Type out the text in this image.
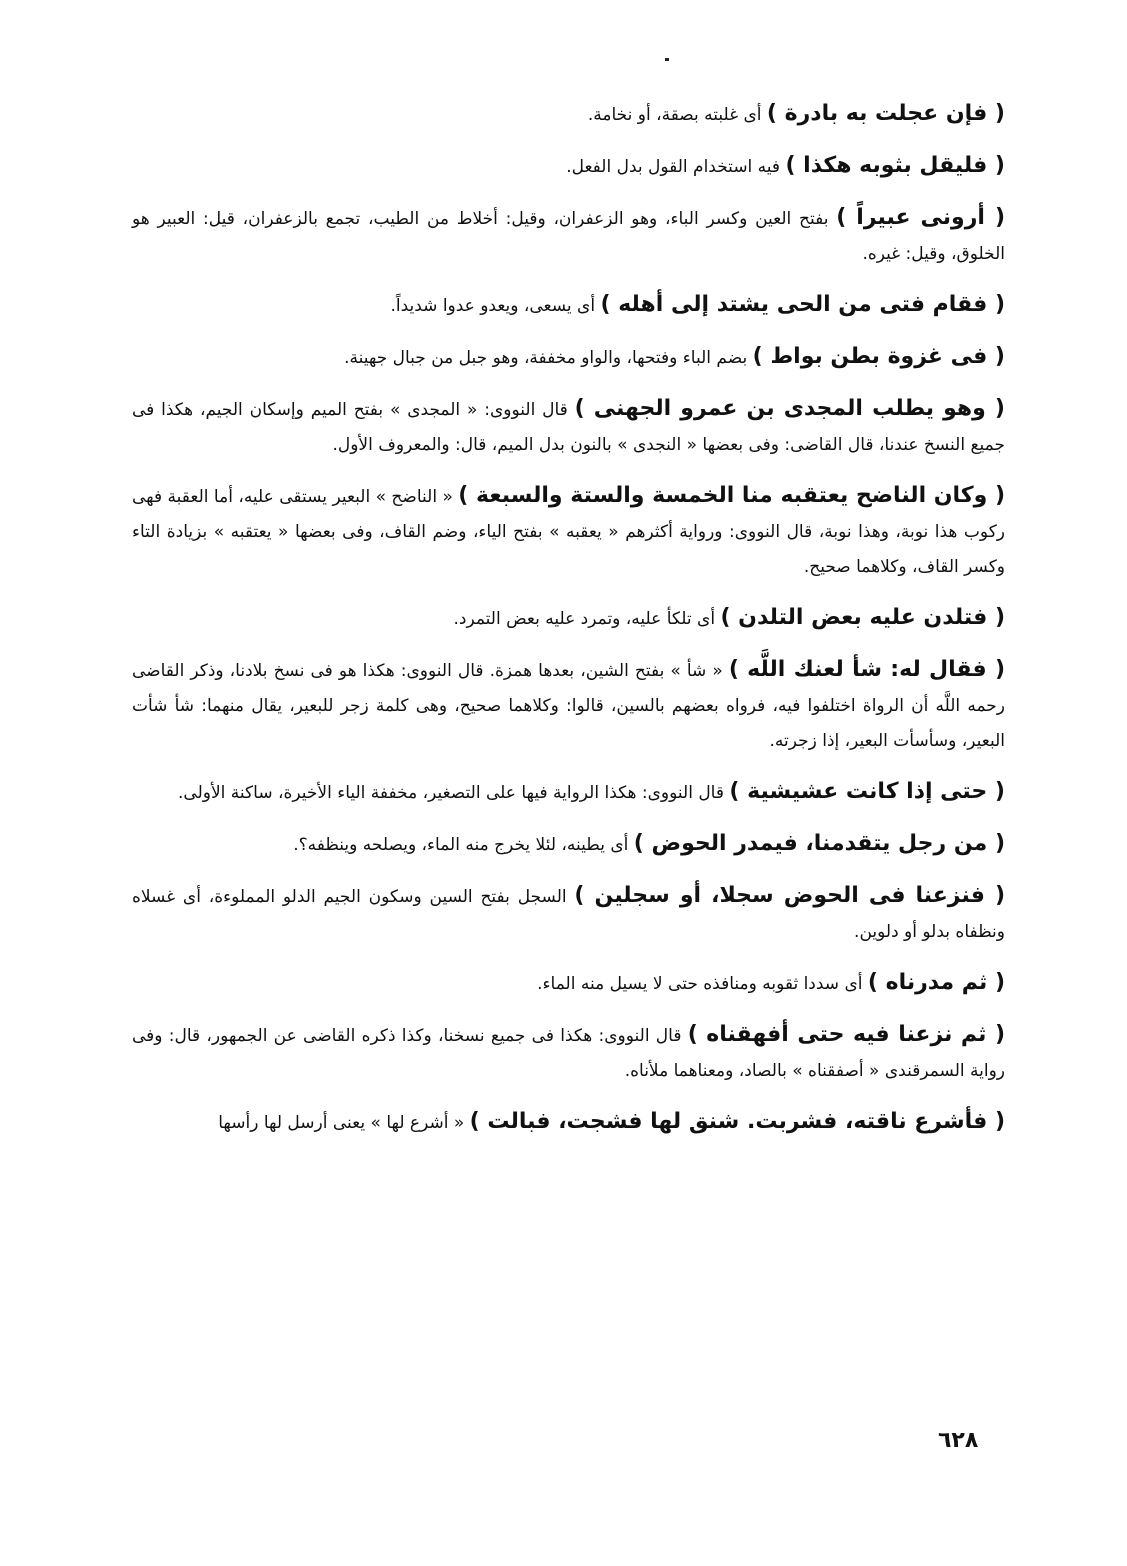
( فإن عجلت به بادرة ) أى غلبته بصقة، أو نخامة.

( فليقل بثوبه هكذا ) فيه استخدام القول بدل الفعل.

( أرونى عبيراً ) بفتح العين وكسر الباء، وهو الزعفران، وقيل: أخلاط من الطيب، تجمع بالزعفران، قيل: العبير هو الخلوق، وقيل: غيره.

( فقام فتى من الحى يشتد إلى أهله ) أى يسعى، ويعدو عدوا شديداً.

( فى غزوة بطن بواط ) بضم الباء وفتحها، والواو مخففة، وهو جبل من جبال جهينة.

( وهو يطلب المجدى بن عمرو الجهنى ) قال النووى: « المجدى » بفتح الميم وإسكان الجيم، هكذا فى جميع النسخ عندنا، قال القاضى: وفى بعضها « النجدى » بالنون بدل الميم، قال: والمعروف الأول.

( وكان الناضح يعتقبه منا الخمسة والستة والسبعة ) « الناضح » البعير يستقى عليه، أما العقبة فهى ركوب هذا نوبة، وهذا نوبة، قال النووى: ورواية أكثرهم « يعقبه » بفتح الياء، وضم القاف، وفى بعضها « يعتقبه » بزيادة التاء وكسر القاف، وكلاهما صحيح.

( فتلدن عليه بعض التلدن ) أى تلكأ عليه، وتمرد عليه بعض التمرد.

( فقال له: شأ لعنك اللَّه ) « شأ » بفتح الشين، بعدها همزة. قال النووى: هكذا هو فى نسخ بلادنا، وذكر القاضى رحمه اللَّه أن الرواة اختلفوا فيه، فرواه بعضهم بالسين، قالوا: وكلاهما صحيح، وهى كلمة زجر للبعير، يقال منهما: شأ شأت البعير، وسأسأت البعير، إذا زجرته.

( حتى إذا كانت عشيشية ) قال النووى: هكذا الرواية فيها على التصغير، مخففة الياء الأخيرة، ساكنة الأولى.

( من رجل يتقدمنا، فيمدر الحوض ) أى يطينه، لئلا يخرج منه الماء، ويصلحه وينظفه؟.

( فنزعنا فى الحوض سجلا، أو سجلين ) السجل بفتح السين وسكون الجيم الدلو المملوءة، أى غسلاه ونظفاه بدلو أو دلوين.

( ثم مدرناه ) أى سددا ثقوبه ومنافذه حتى لا يسيل منه الماء.

( ثم نزعنا فيه حتى أفهقناه ) قال النووى: هكذا فى جميع نسخنا، وكذا ذكره القاضى عن الجمهور، قال: وفى رواية السمرقندى « أصفقناه » بالصاد، ومعناهما ملأناه.

( فأشرع ناقته، فشربت. شنق لها فشجت، فبالت ) « أشرع لها » يعنى أرسل لها رأسها

٦٢٨
